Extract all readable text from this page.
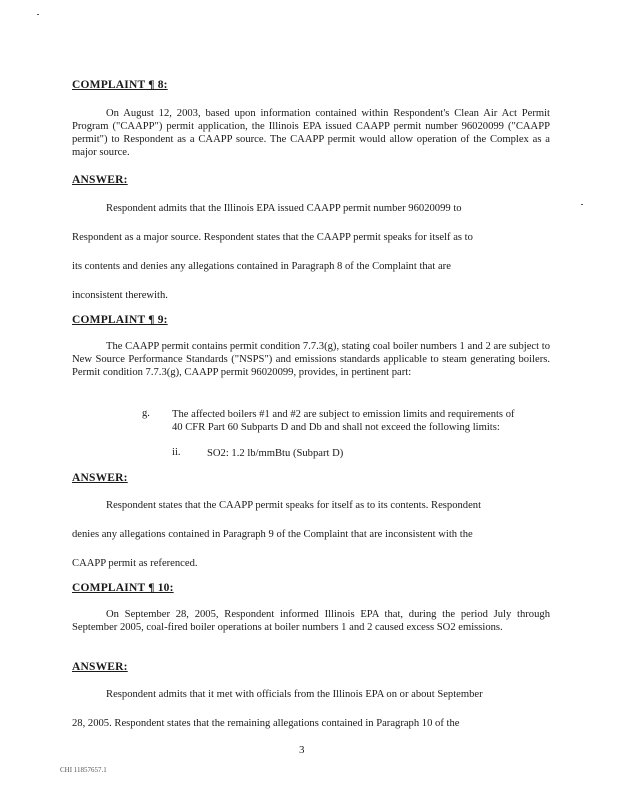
COMPLAINT ¶ 8:
On August 12, 2003, based upon information contained within Respondent's Clean Air Act Permit Program ("CAAPP") permit application, the Illinois EPA issued CAAPP permit number 96020099 ("CAAPP permit") to Respondent as a CAAPP source. The CAAPP permit would allow operation of the Complex as a major source.
ANSWER:
Respondent admits that the Illinois EPA issued CAAPP permit number 96020099 to
Respondent as a major source. Respondent states that the CAAPP permit speaks for itself as to
its contents and denies any allegations contained in Paragraph 8 of the Complaint that are
inconsistent therewith.
COMPLAINT ¶ 9:
The CAAPP permit contains permit condition 7.7.3(g), stating coal boiler numbers 1 and 2 are subject to New Source Performance Standards ("NSPS") and emissions standards applicable to steam generating boilers. Permit condition 7.7.3(g), CAAPP permit 96020099, provides, in pertinent part:
g. The affected boilers #1 and #2 are subject to emission limits and requirements of 40 CFR Part 60 Subparts D and Db and shall not exceed the following limits:
ii. SO2: 1.2 lb/mmBtu (Subpart D)
ANSWER:
Respondent states that the CAAPP permit speaks for itself as to its contents. Respondent
denies any allegations contained in Paragraph 9 of the Complaint that are inconsistent with the
CAAPP permit as referenced.
COMPLAINT ¶ 10:
On September 28, 2005, Respondent informed Illinois EPA that, during the period July through September 2005, coal-fired boiler operations at boiler numbers 1 and 2 caused excess SO2 emissions.
ANSWER:
Respondent admits that it met with officials from the Illinois EPA on or about September
28, 2005. Respondent states that the remaining allegations contained in Paragraph 10 of the
3
CHI 11857657.1
